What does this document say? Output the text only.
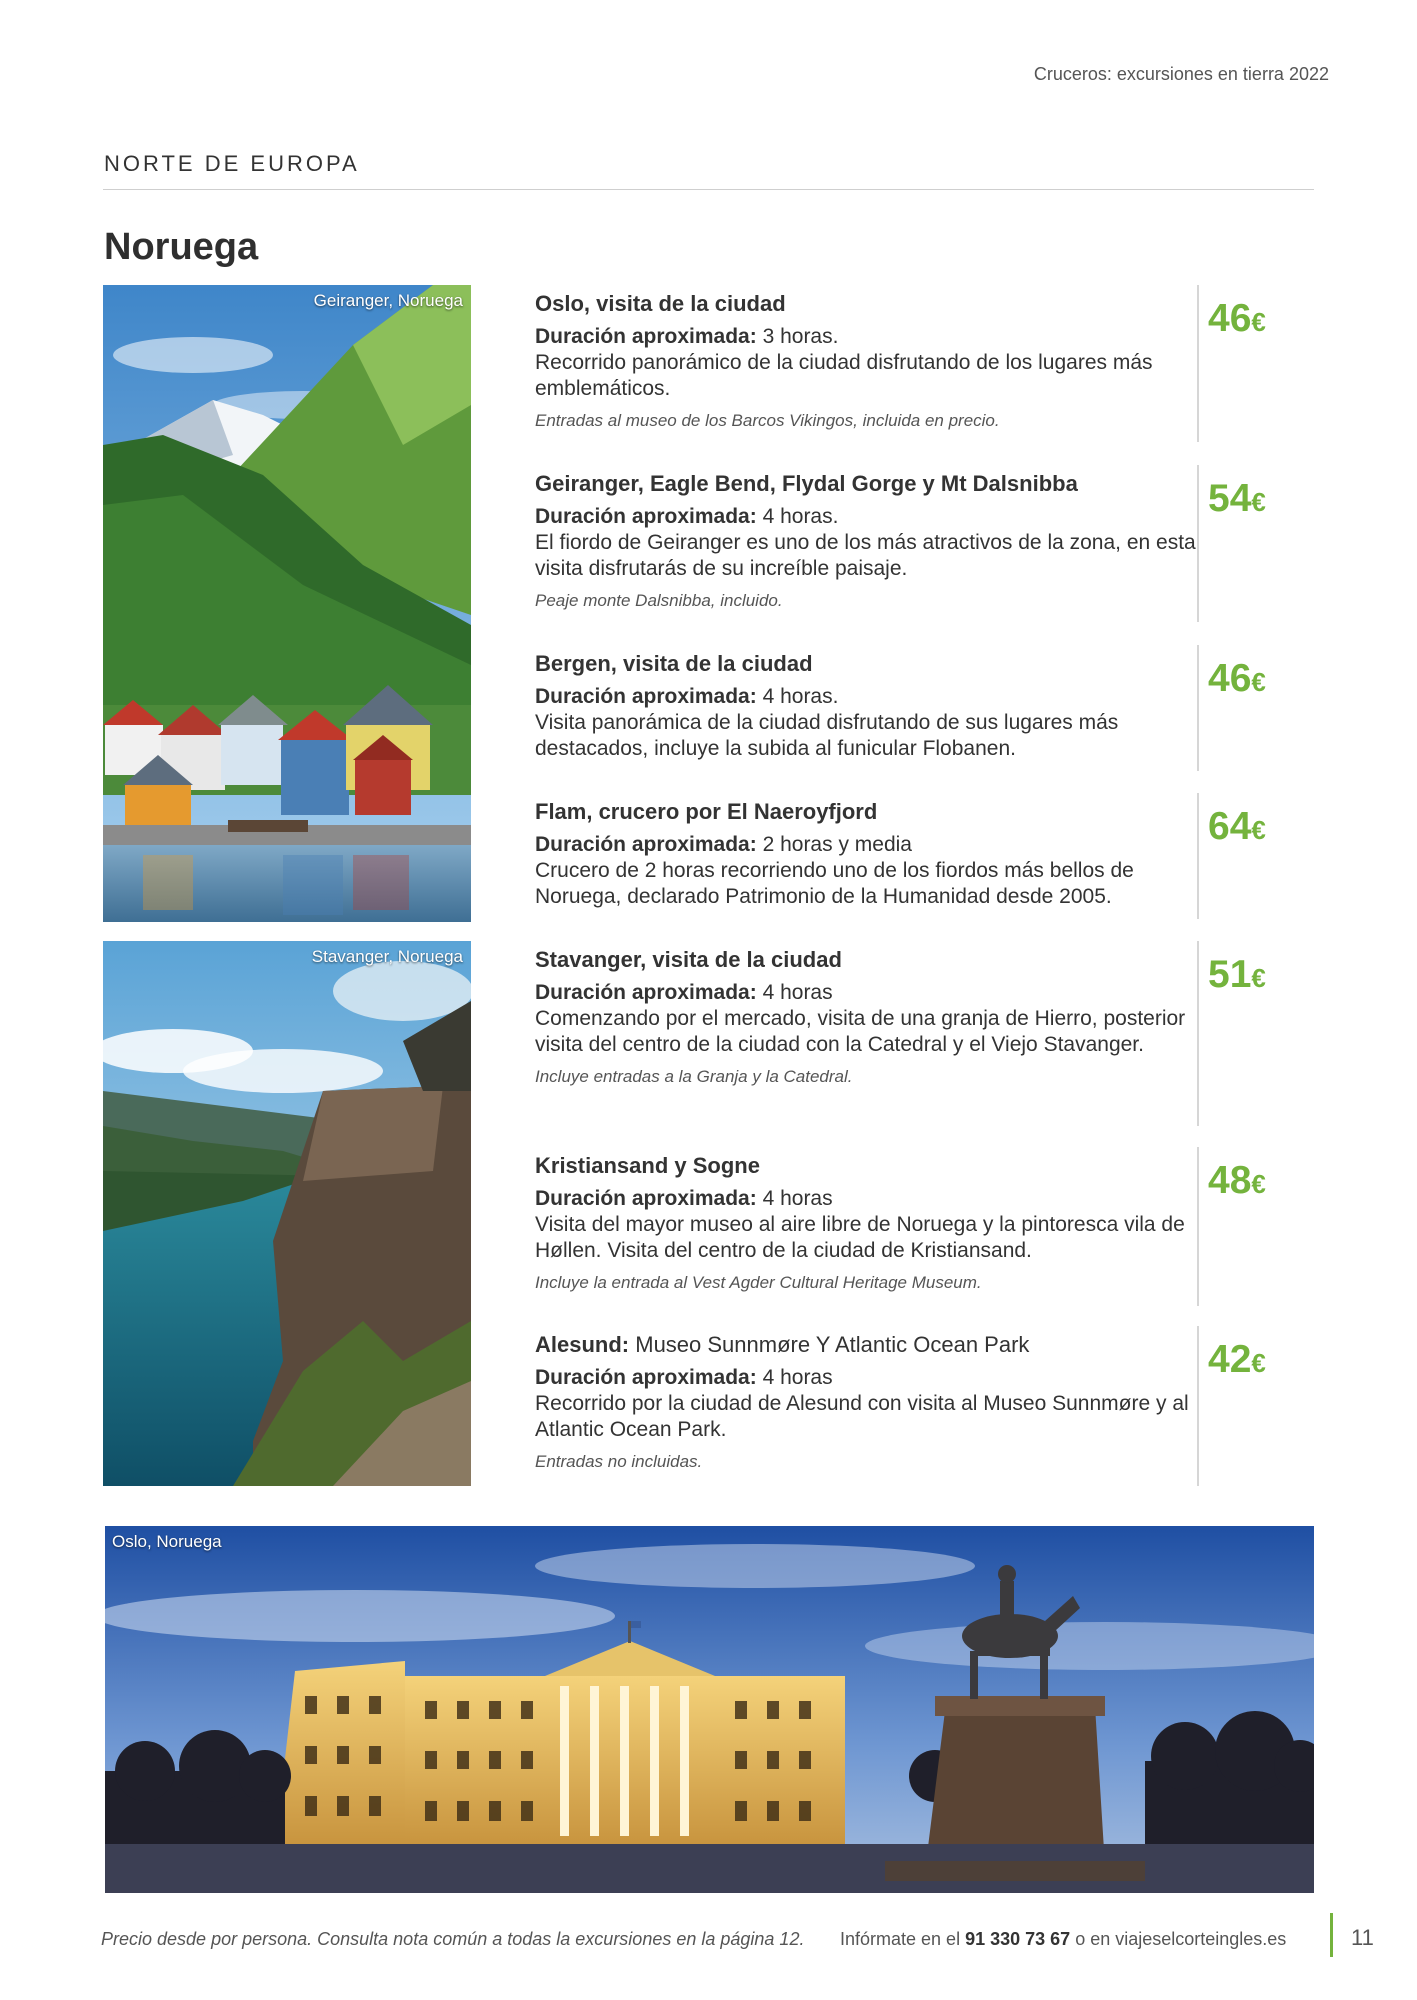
Cruceros: excursiones en tierra 2022
NORTE DE EUROPA
Noruega
Geiranger, Noruega
Stavanger, Noruega
Oslo, visita de la ciudad
Duración aproximada: 3 horas.
Recorrido panorámico de la ciudad disfrutando de los lugares más emblemáticos.
Entradas al museo de los Barcos Vikingos, incluida en precio.
46€
Geiranger, Eagle Bend, Flydal Gorge y Mt Dalsnibba
Duración aproximada: 4 horas.
El fiordo de Geiranger es uno de los más atractivos de la zona, en esta visita disfrutarás de su increíble paisaje.
Peaje monte Dalsnibba, incluido.
54€
Bergen, visita de la ciudad
Duración aproximada: 4 horas.
Visita panorámica de la ciudad disfrutando de sus lugares más destacados, incluye la subida al funicular Flobanen.
46€
Flam, crucero por El Naeroyfjord
Duración aproximada: 2 horas y media
Crucero de 2 horas recorriendo uno de los fiordos más bellos de Noruega, declarado Patrimonio de la Humanidad desde 2005.
64€
Stavanger, visita de la ciudad
Duración aproximada: 4 horas
Comenzando por el mercado, visita de una granja de Hierro, posterior visita del centro de la ciudad con la Catedral y el Viejo Stavanger.
Incluye entradas a la Granja y la Catedral.
51€
Kristiansand y Sogne
Duración aproximada: 4 horas
Visita del mayor museo al aire libre de Noruega y la pintoresca vila de Høllen. Visita del centro de la ciudad de Kristiansand.
Incluye la entrada al Vest Agder Cultural Heritage Museum.
48€
Alesund: Museo Sunnmøre Y Atlantic Ocean Park
Duración aproximada: 4 horas
Recorrido por la ciudad de Alesund con visita al Museo Sunnmøre y al Atlantic Ocean Park.
Entradas no incluidas.
42€
Oslo, Noruega
Precio desde por persona. Consulta nota común a todas la excursiones en la página 12. Infórmate en el 91 330 73 67 o en viajeselcorteingles.es	11
